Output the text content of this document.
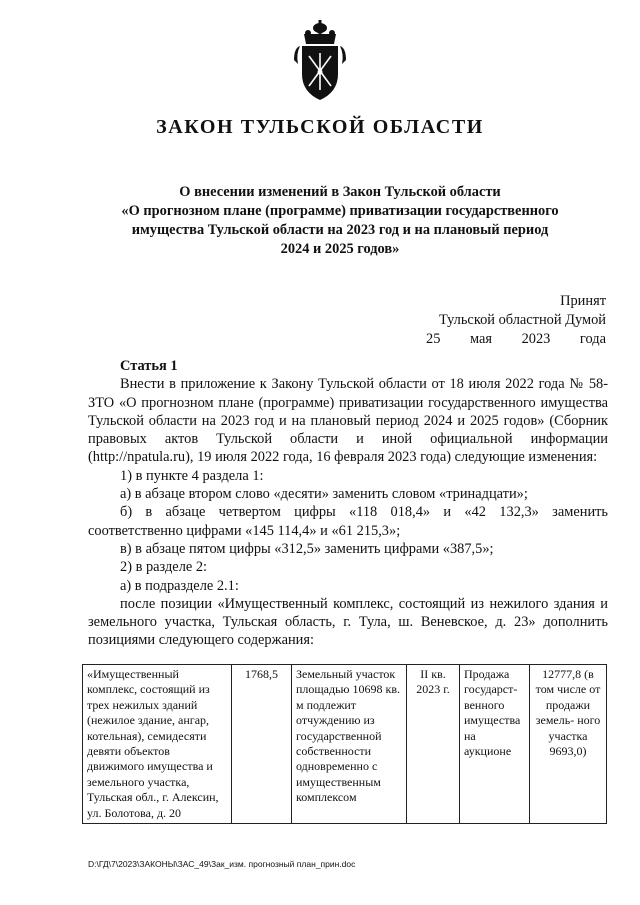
ЗАКОН ТУЛЬСКОЙ ОБЛАСТИ
О внесении изменений в Закон Тульской области
«О прогнозном плане (программе) приватизации государственного
имущества Тульской области на 2023 год и на плановый период
2024 и 2025 годов»
Принят
Тульской областной Думой
25 мая 2023 года
Статья 1
Внести в приложение к Закону Тульской области от 18 июля 2022 года № 58-ЗТО «О прогнозном плане (программе) приватизации государственного имущества Тульской области на 2023 год и на плановый период 2024 и 2025 годов» (Сборник правовых актов Тульской области и иной официальной информации (http://npatula.ru), 19 июля 2022 года, 16 февраля 2023 года) следующие изменения:
1) в пункте 4 раздела 1:
а) в абзаце втором слово «десяти» заменить словом «тринадцати»;
б) в абзаце четвертом цифры «118 018,4» и «42 132,3» заменить соответственно цифрами «145 114,4» и «61 215,3»;
в) в абзаце пятом цифры «312,5» заменить цифрами «387,5»;
2) в разделе 2:
а) в подразделе 2.1:
после позиции «Имущественный комплекс, состоящий из нежилого здания и земельного участка, Тульская область, г. Тула, ш. Веневское, д. 23» дополнить позициями следующего содержания:
«Имущественный комплекс, состоящий из трех нежилых зданий (нежилое здание, ангар, котельная), семидесяти девяти объектов движимого имущества и земельного участка, Тульская обл., г. Алексин, ул. Болотова, д. 20	1768,5	Земельный участок площадью 10698 кв. м подлежит отчуждению из государственной собственности одновременно с имущественным комплексом	II кв. 2023 г.	Продажа государст- венного имущества на аукционе	12777,8 (в том числе от продажи земель- ного участка 9693,0)
D:\ГД\7\2023\ЗАКОНЫ\ЗАС_49\Зак_изм. прогнозный план_прин.doc
